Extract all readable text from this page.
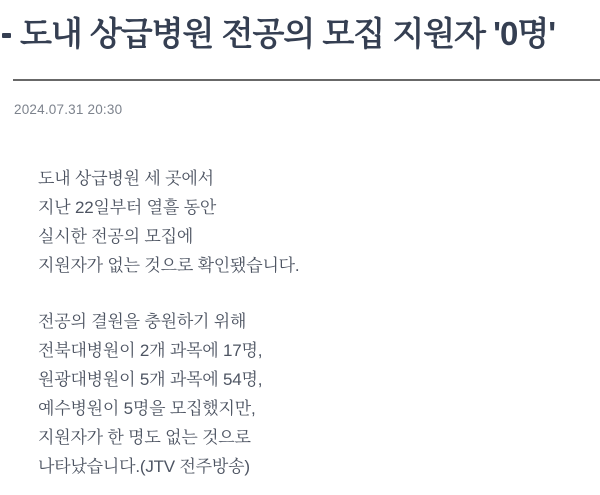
도내 상급병원 전공의 모집 지원자 '0명'
2024.07.31 20:30

도내 상급병원 세 곳에서
지난 22일부터 열흘 동안
실시한 전공의 모집에
지원자가 없는 것으로 확인됐습니다.

전공의 결원을 충원하기 위해
전북대병원이 2개 과목에 17명,
원광대병원이 5개 과목에 54명,
예수병원이 5명을 모집했지만,
지원자가 한 명도 없는 것으로
나타났습니다.(JTV 전주방송)
